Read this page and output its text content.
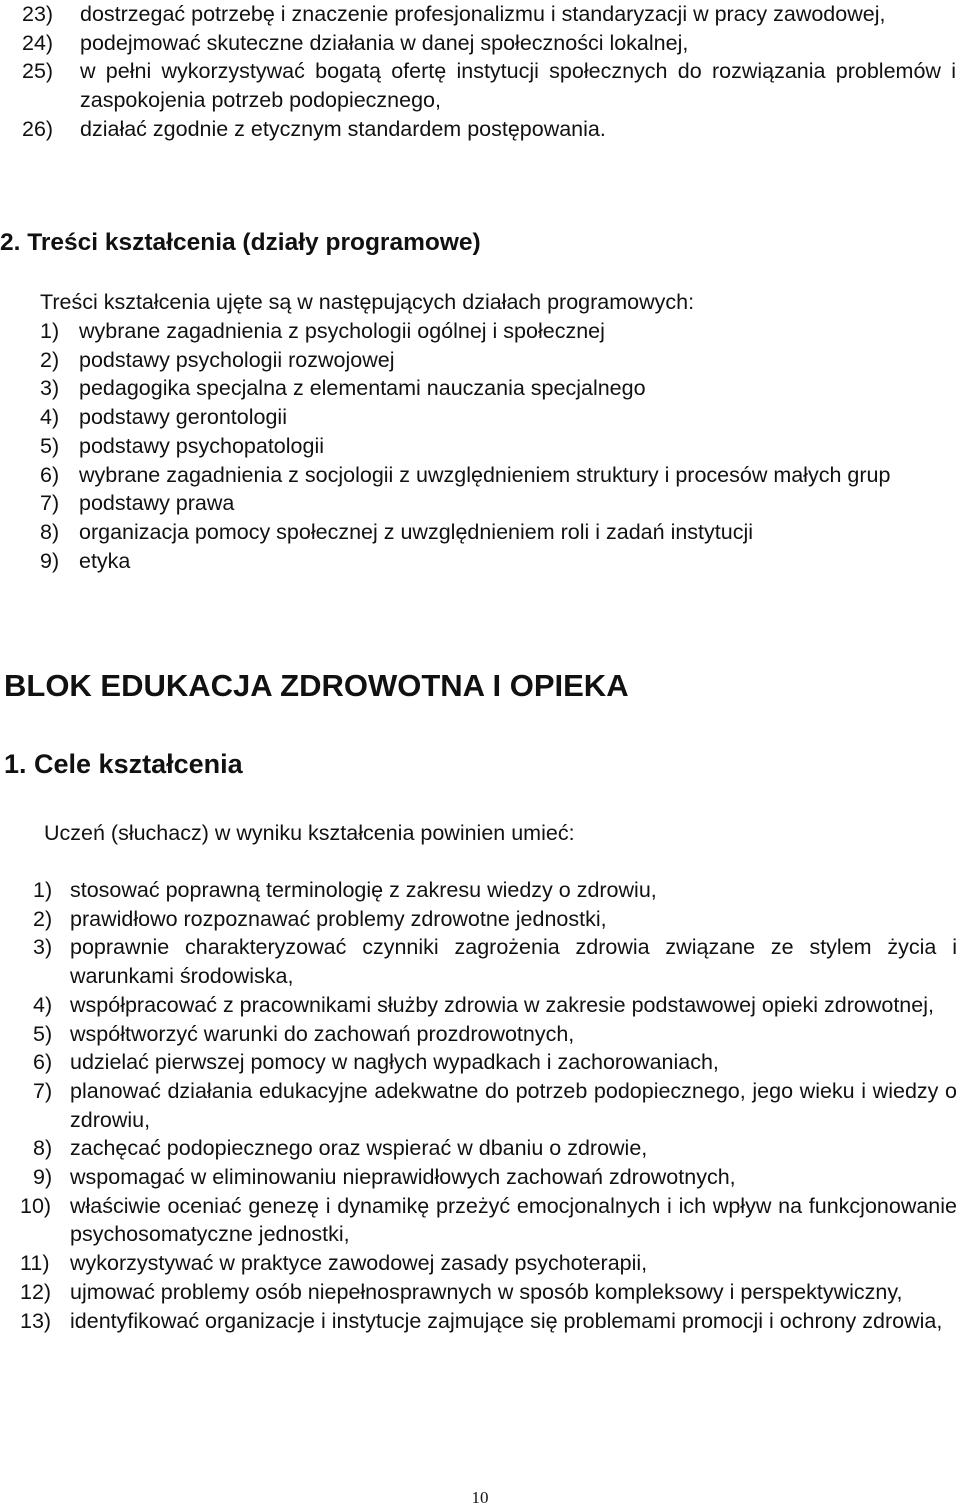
23)	dostrzegać potrzebę i znaczenie profesjonalizmu i standaryzacji w pracy zawodowej,
24)	podejmować skuteczne działania w danej społeczności lokalnej,
25)	w pełni wykorzystywać bogatą ofertę instytucji społecznych do rozwiązania problemów i zaspokojenia potrzeb podopiecznego,
26)	działać zgodnie z etycznym standardem postępowania.
2. Treści kształcenia (działy programowe)
Treści kształcenia ujęte są w następujących działach programowych:
1) wybrane zagadnienia z psychologii ogólnej i społecznej
2) podstawy psychologii rozwojowej
3) pedagogika specjalna z elementami nauczania specjalnego
4) podstawy gerontologii
5) podstawy psychopatologii
6) wybrane zagadnienia z socjologii z uwzględnieniem struktury i procesów małych grup
7) podstawy prawa
8) organizacja pomocy społecznej z uwzględnieniem roli i zadań instytucji
9) etyka
BLOK EDUKACJA ZDROWOTNA I OPIEKA
1. Cele kształcenia
Uczeń (słuchacz) w wyniku kształcenia powinien umieć:
1) stosować poprawną terminologię z zakresu wiedzy o zdrowiu,
2) prawidłowo rozpoznawać problemy zdrowotne jednostki,
3) poprawnie charakteryzować czynniki zagrożenia zdrowia związane ze stylem życia i warunkami środowiska,
4) współpracować z pracownikami służby zdrowia w zakresie podstawowej opieki zdrowotnej,
5) współtworzyć warunki do zachowań prozdrowotnych,
6) udzielać pierwszej pomocy w nagłych wypadkach i zachorowaniach,
7) planować działania edukacyjne adekwatne do potrzeb podopiecznego, jego wieku i wiedzy o zdrowiu,
8) zachęcać podopiecznego oraz wspierać w dbaniu o zdrowie,
9) wspomagać w eliminowaniu nieprawidłowych zachowań zdrowotnych,
10) właściwie oceniać genezę i dynamikę przeżyć emocjonalnych i ich wpływ na funkcjonowanie psychosomatyczne jednostki,
11) wykorzystywać w praktyce zawodowej zasady psychoterapii,
12) ujmować problemy osób niepełnosprawnych w sposób kompleksowy i perspektywiczny,
13) identyfikować organizacje i instytucje zajmujące się problemami promocji i ochrony zdrowia,
10
